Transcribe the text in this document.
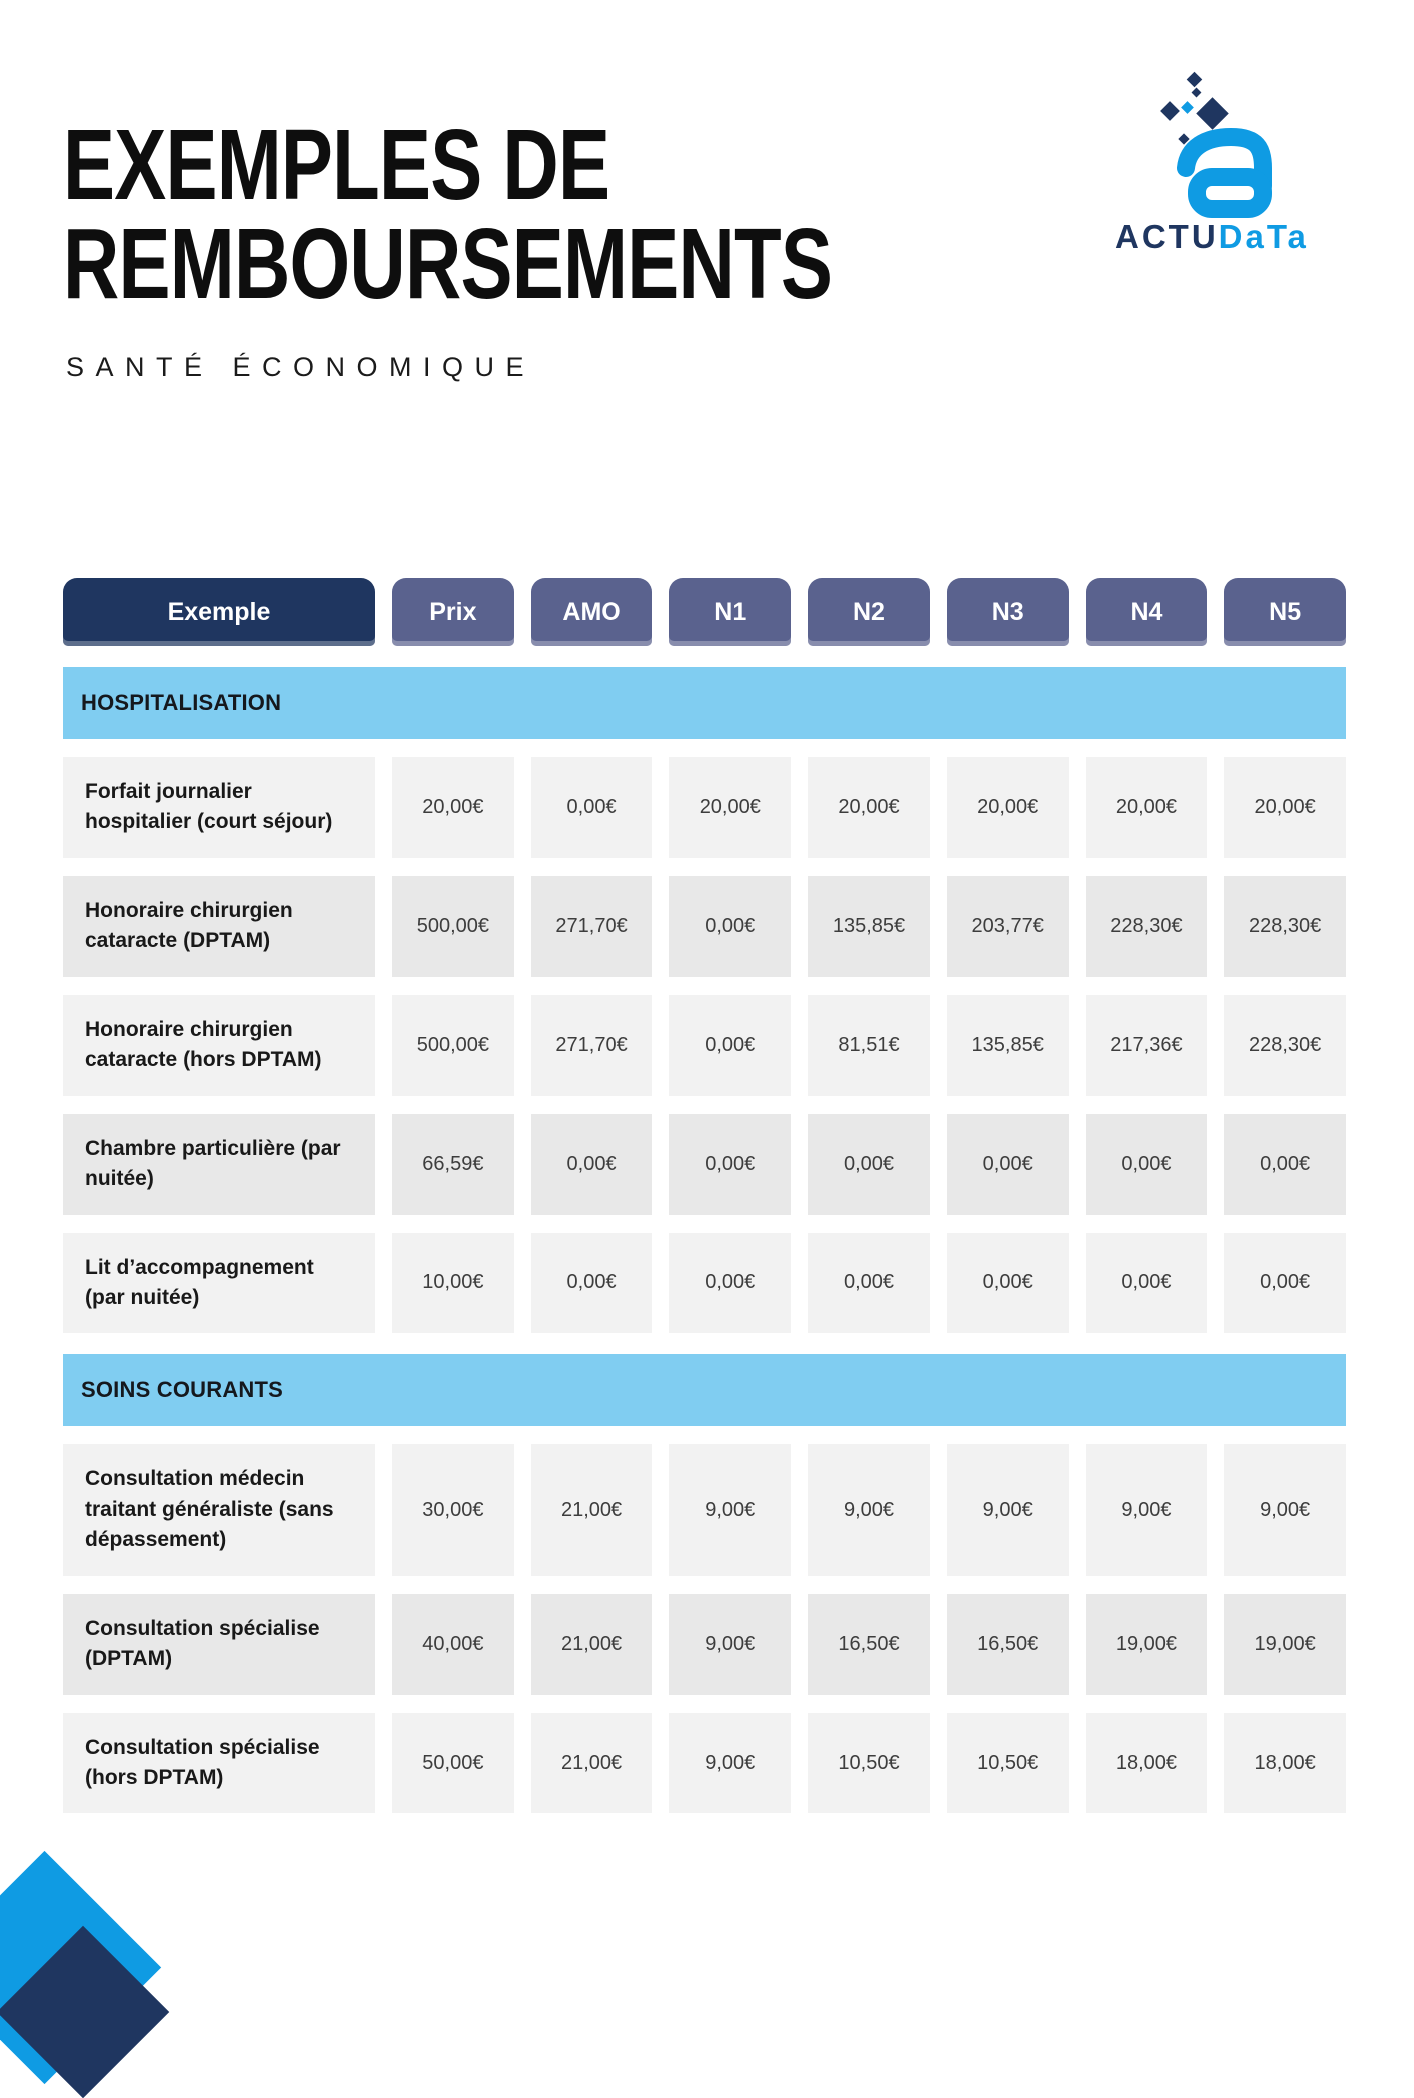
EXEMPLES DE
REMBOURSEMENTS
SANTÉ ÉCONOMIQUE
ACTUDaTa
Exemple	Prix	AMO	N1	N2	N3	N4	N5
HOSPITALISATION
Forfait journalier hospitalier (court séjour)
20,00€	0,00€	20,00€	20,00€	20,00€	20,00€	20,00€
Honoraire chirurgien cataracte (DPTAM)
500,00€	271,70€	0,00€	135,85€	203,77€	228,30€	228,30€
Honoraire chirurgien cataracte (hors DPTAM)
500,00€	271,70€	0,00€	81,51€	135,85€	217,36€	228,30€
Chambre particulière (par nuitée)
66,59€	0,00€	0,00€	0,00€	0,00€	0,00€	0,00€
Lit d’accompagnement (par nuitée)
10,00€	0,00€	0,00€	0,00€	0,00€	0,00€	0,00€
SOINS COURANTS
Consultation médecin traitant généraliste (sans dépassement)
30,00€	21,00€	9,00€	9,00€	9,00€	9,00€	9,00€
Consultation spécialise (DPTAM)
40,00€	21,00€	9,00€	16,50€	16,50€	19,00€	19,00€
Consultation spécialise (hors DPTAM)
50,00€	21,00€	9,00€	10,50€	10,50€	18,00€	18,00€
